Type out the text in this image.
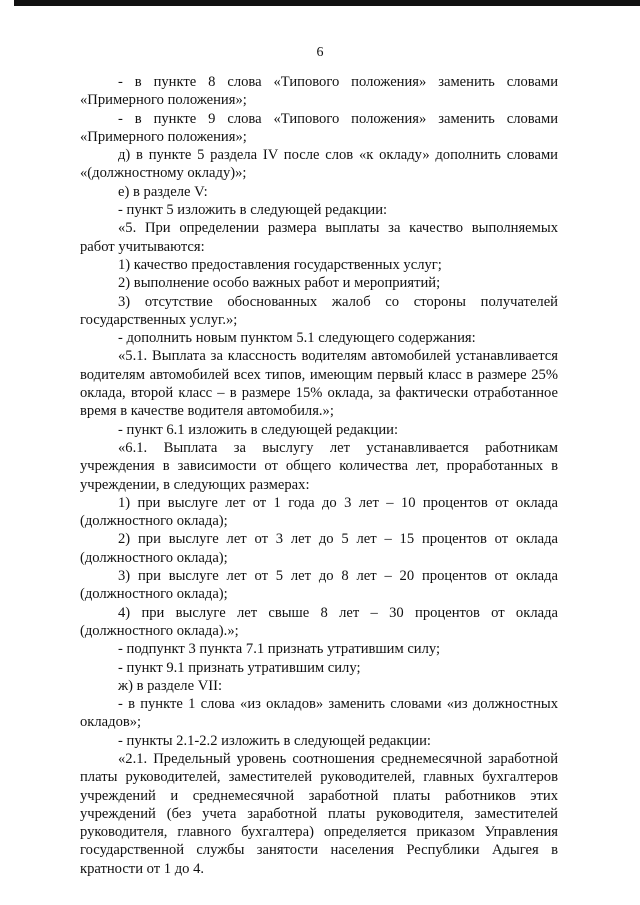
6

- в пункте 8 слова «Типового положения» заменить словами «Примерного положения»;

- в пункте 9 слова «Типового положения» заменить словами «Примерного положения»;

д) в пункте 5 раздела IV после слов «к окладу» дополнить словами «(должностному окладу)»;

е) в разделе V:

- пункт 5 изложить в следующей редакции:

«5. При определении размера выплаты за качество выполняемых работ учитываются:

1) качество предоставления государственных услуг;

2) выполнение особо важных работ и мероприятий;

3) отсутствие обоснованных жалоб со стороны получателей государственных услуг.»;

- дополнить новым пунктом 5.1 следующего содержания:

«5.1. Выплата за классность водителям автомобилей устанавливается водителям автомобилей всех типов, имеющим первый класс в размере 25% оклада, второй класс – в размере 15% оклада, за фактически отработанное время в качестве водителя автомобиля.»;

- пункт 6.1 изложить в следующей редакции:

«6.1. Выплата за выслугу лет устанавливается работникам учреждения в зависимости от общего количества лет, проработанных в учреждении, в следующих размерах:

1) при выслуге лет от 1 года до 3 лет – 10 процентов от оклада (должностного оклада);

2) при выслуге лет от 3 лет до 5 лет – 15 процентов от оклада (должностного оклада);

3) при выслуге лет от 5 лет до 8 лет – 20 процентов от оклада (должностного оклада);

4) при выслуге лет свыше 8 лет – 30 процентов от оклада (должностного оклада).»;

- подпункт 3 пункта 7.1 признать утратившим силу;

- пункт 9.1 признать утратившим силу;

ж) в разделе VII:

- в пункте 1 слова «из окладов» заменить словами «из должностных окладов»;

- пункты 2.1-2.2 изложить в следующей редакции:

«2.1. Предельный уровень соотношения среднемесячной заработной платы руководителей, заместителей руководителей, главных бухгалтеров учреждений и среднемесячной заработной платы работников этих учреждений (без учета заработной платы руководителя, заместителей руководителя, главного бухгалтера) определяется приказом Управления государственной службы занятости населения Республики Адыгея в кратности от 1 до 4.
